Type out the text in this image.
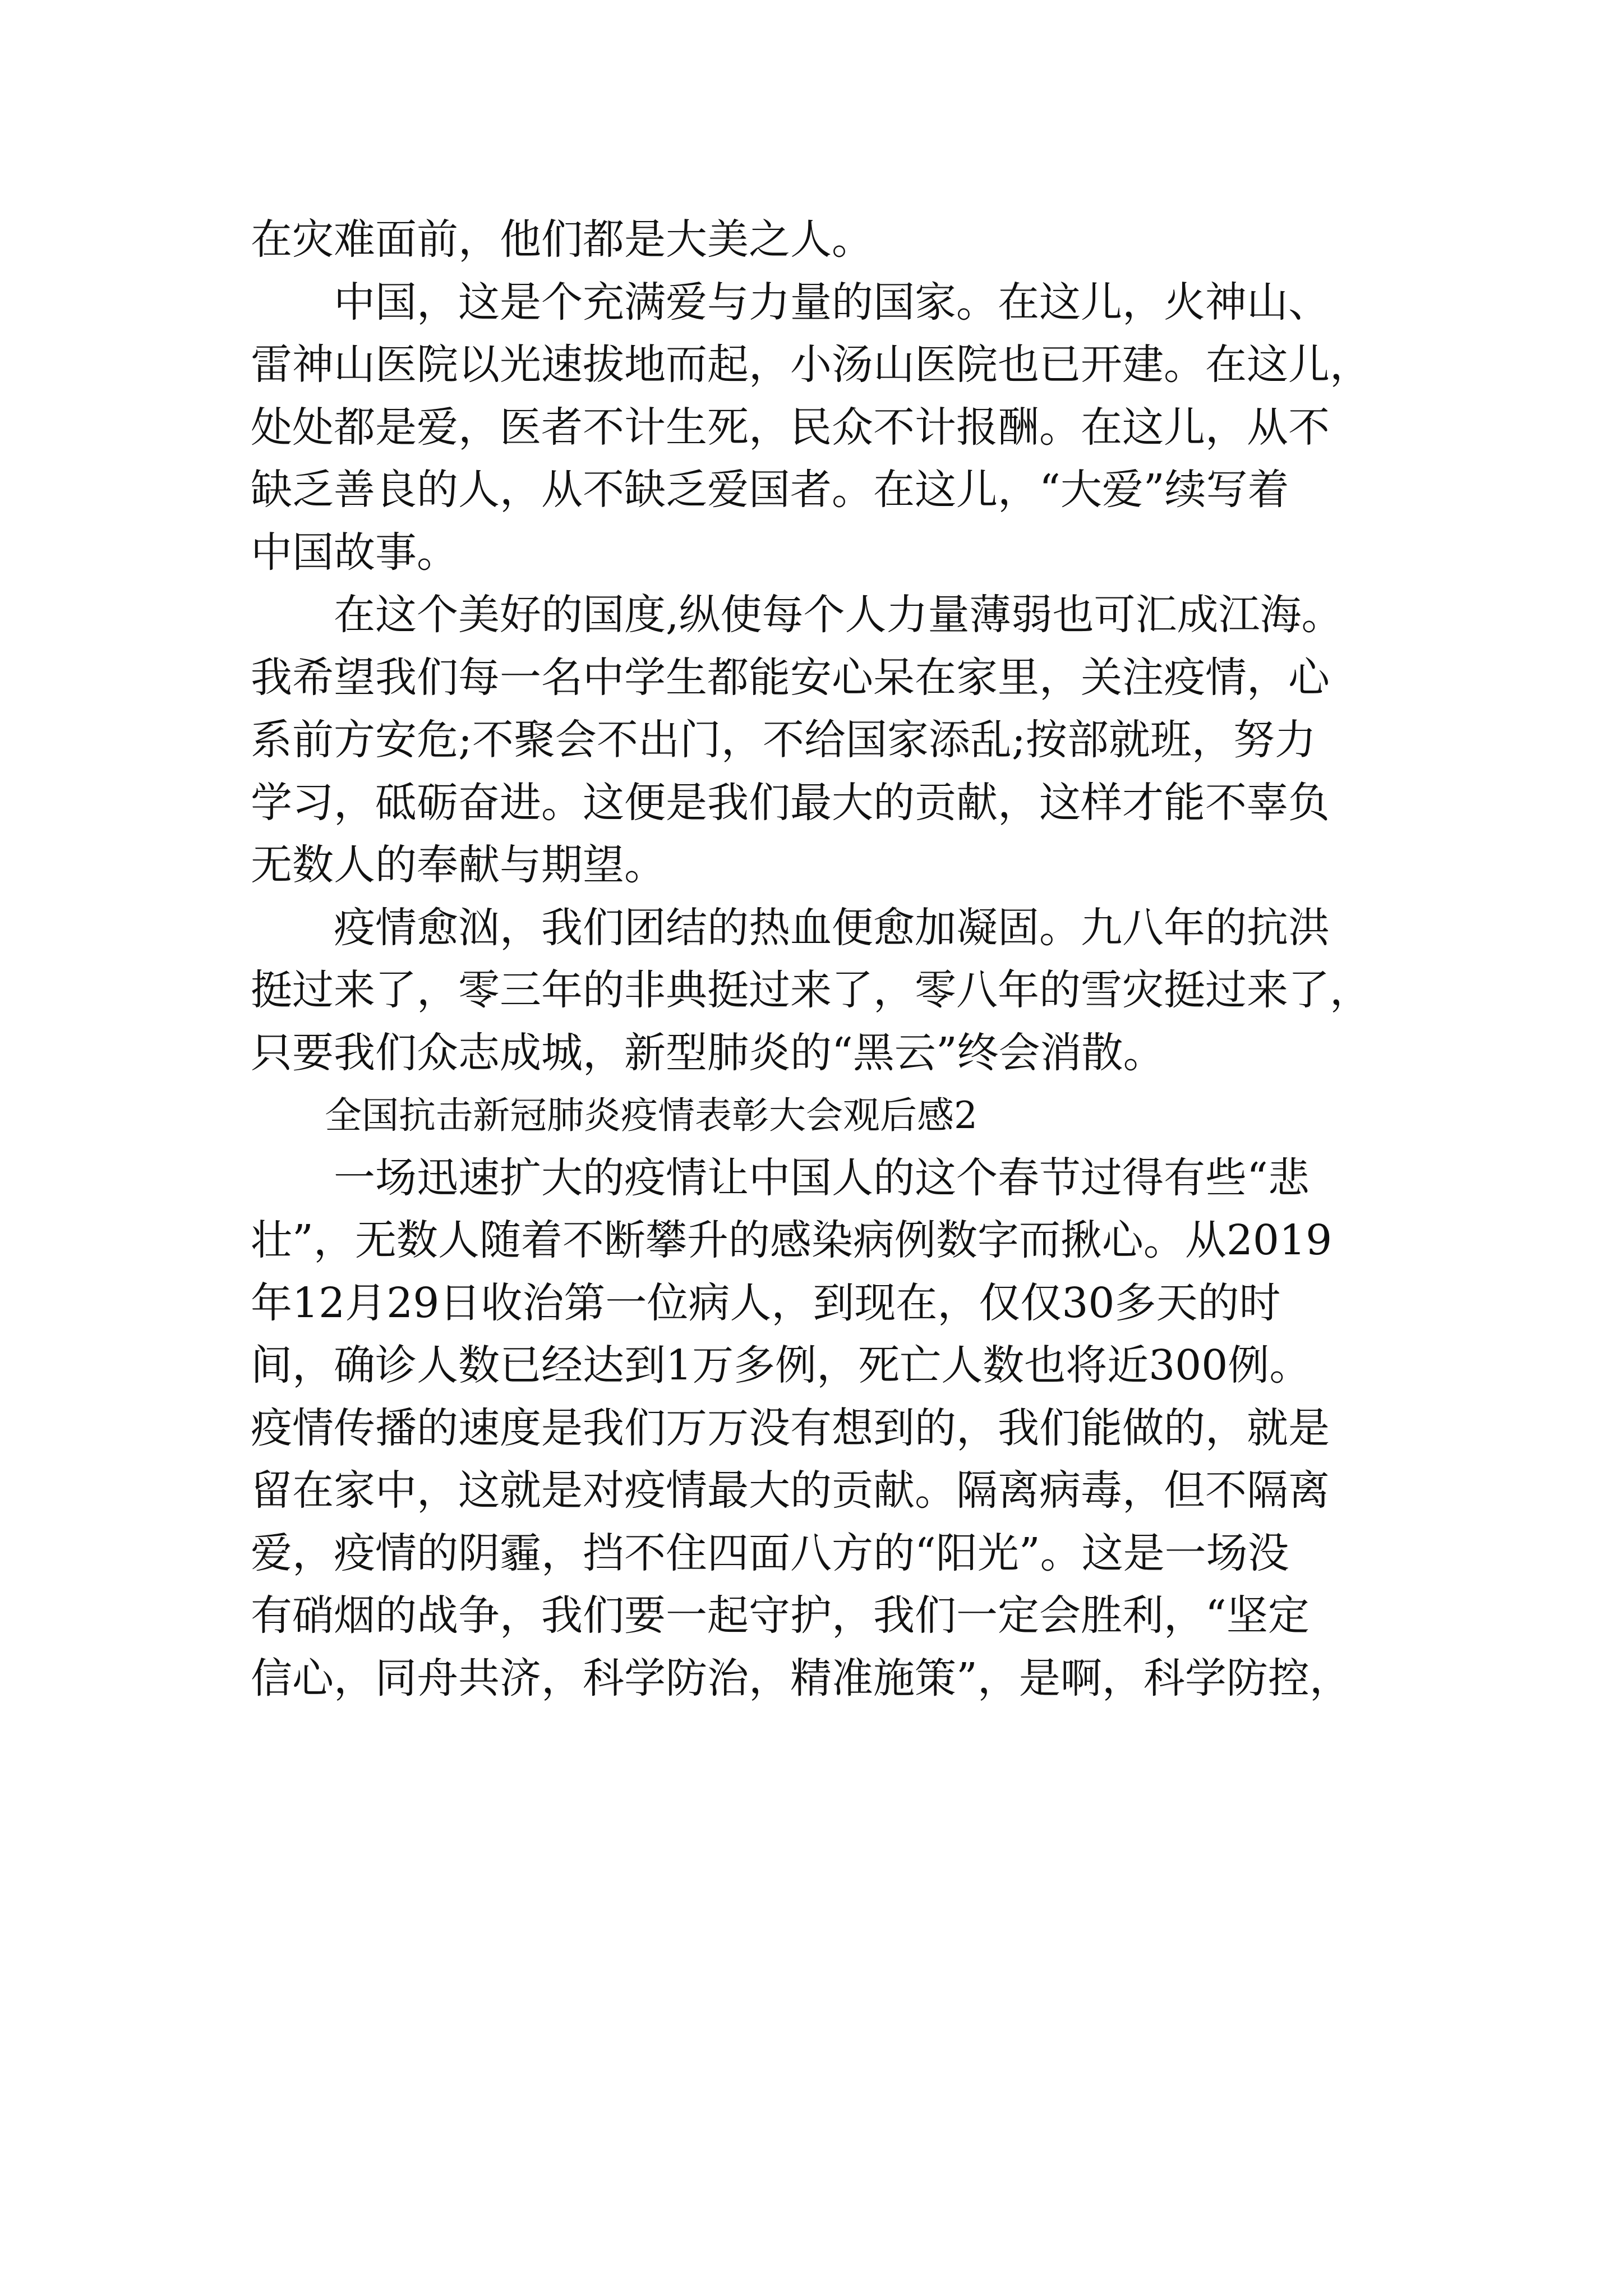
在灾难面前，他们都是大美之人。
　　中国，这是个充满爱与力量的国家。在这儿，火神山、
雷神山医院以光速拔地而起，小汤山医院也已开建。在这儿，
处处都是爱，医者不计生死，民众不计报酬。在这儿，从不
缺乏善良的人，从不缺乏爱国者。在这儿，“大爱”续写着
中国故事。
　　在这个美好的国度,纵使每个人力量薄弱也可汇成江海。
我希望我们每一名中学生都能安心呆在家里，关注疫情，心
系前方安危;不聚会不出门，不给国家添乱;按部就班，努力
学习，砥砺奋进。这便是我们最大的贡献，这样才能不辜负
无数人的奉献与期望。
　　疫情愈汹，我们团结的热血便愈加凝固。九八年的抗洪
挺过来了，零三年的非典挺过来了，零八年的雪灾挺过来了，
只要我们众志成城，新型肺炎的“黑云”终会消散。
　　全国抗击新冠肺炎疫情表彰大会观后感2
　　一场迅速扩大的疫情让中国人的这个春节过得有些“悲
壮”，无数人随着不断攀升的感染病例数字而揪心。从2019
年12月29日收治第一位病人，到现在，仅仅30多天的时
间，确诊人数已经达到1万多例，死亡人数也将近300例。
疫情传播的速度是我们万万没有想到的，我们能做的，就是
留在家中，这就是对疫情最大的贡献。隔离病毒，但不隔离
爱，疫情的阴霾，挡不住四面八方的“阳光”。这是一场没
有硝烟的战争，我们要一起守护，我们一定会胜利，“坚定
信心，同舟共济，科学防治，精准施策”，是啊，科学防控，
